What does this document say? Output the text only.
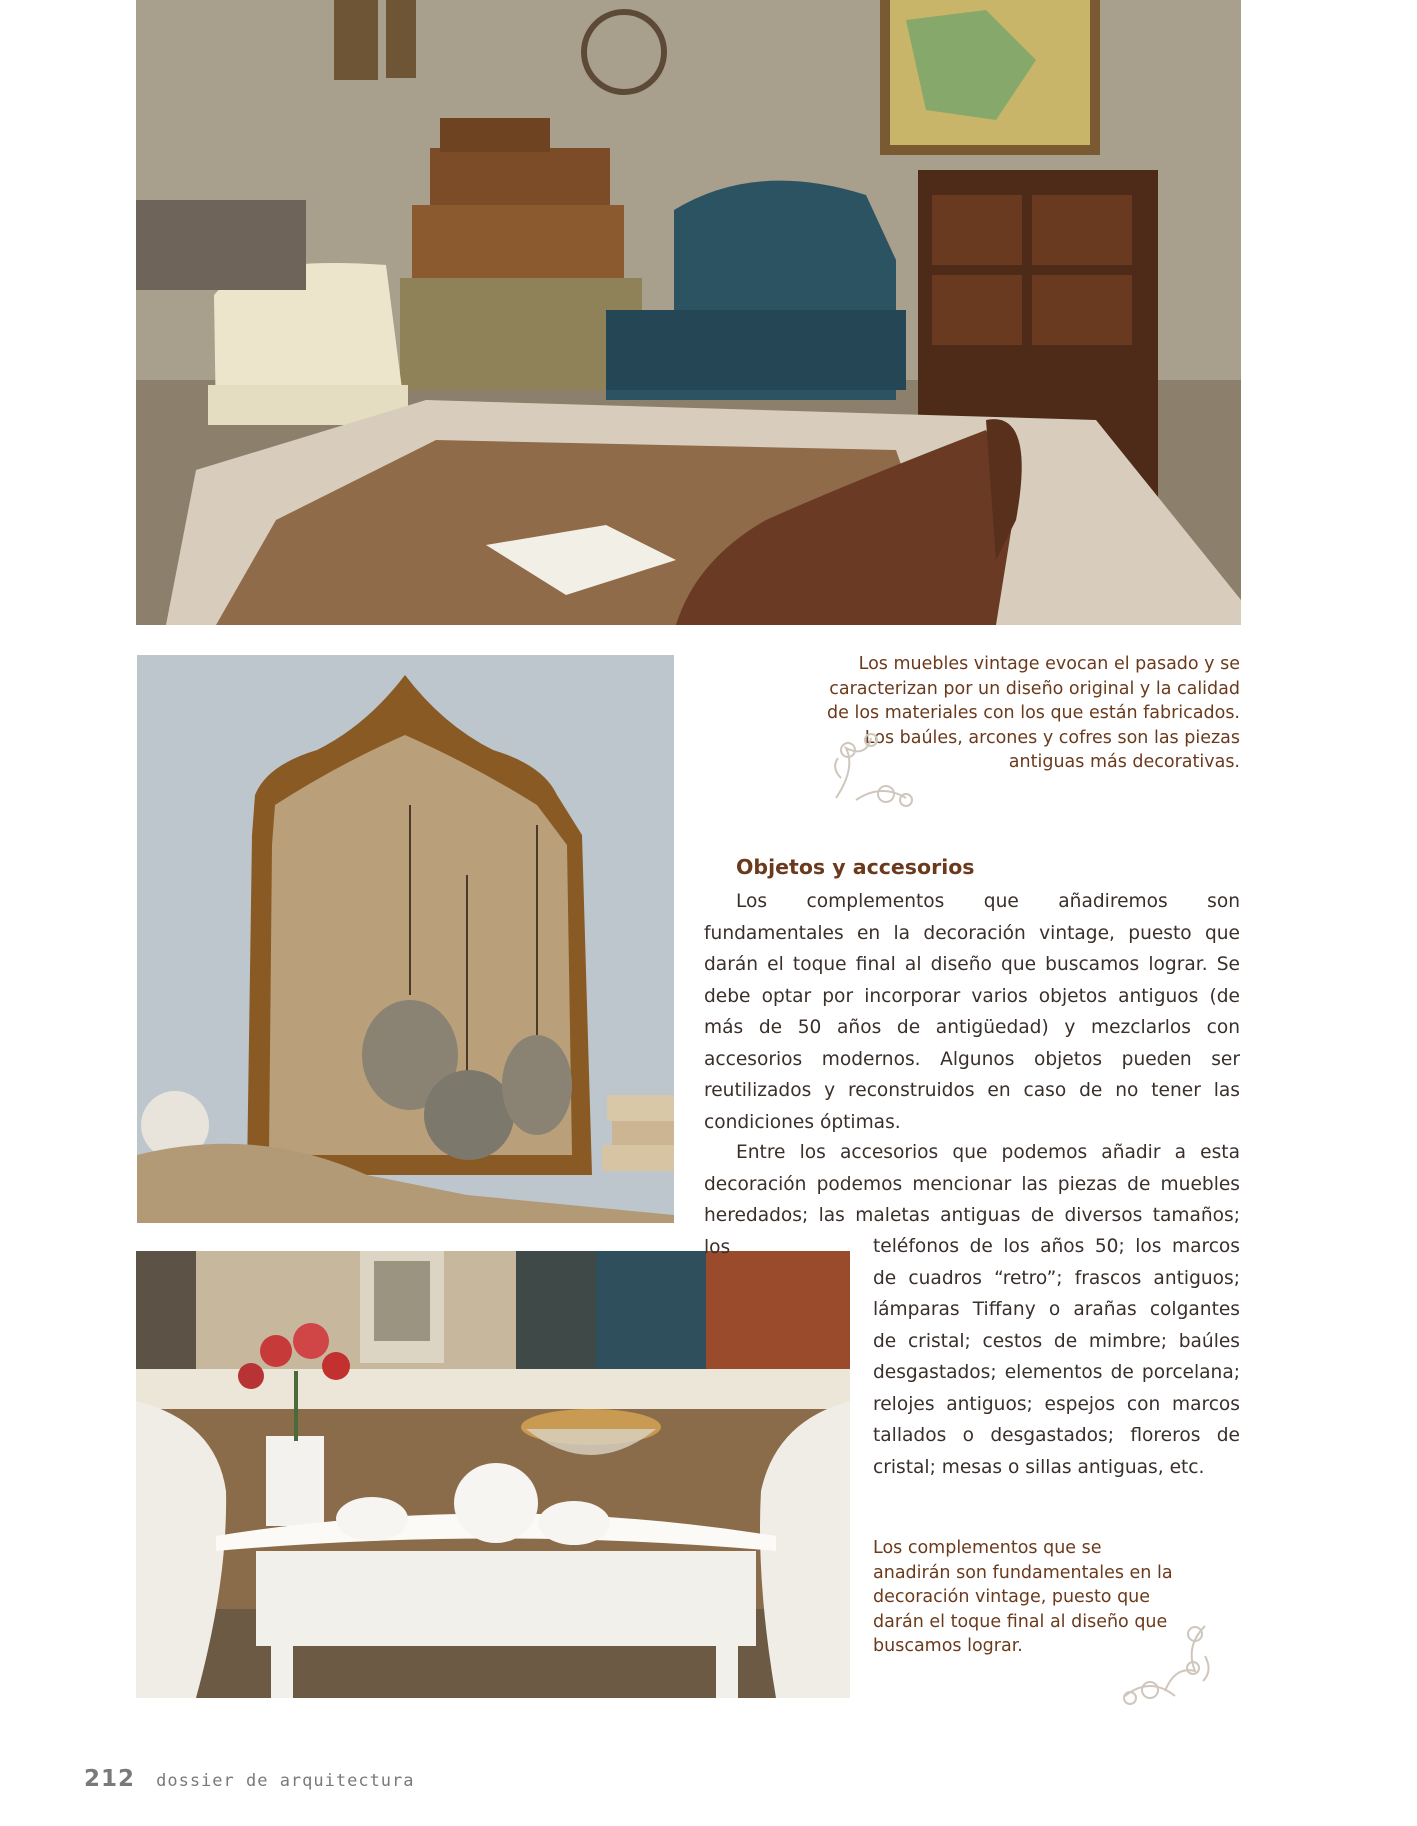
Los muebles vintage evocan el pasado y se caracterizan por un diseño original y la calidad de los materiales con los que están fabricados. Los baúles, arcones y cofres son las piezas antiguas más decorativas.
Objetos y accesorios

Los complementos que añadiremos son fundamentales en la decoración vintage, puesto que darán el toque final al diseño que buscamos lograr. Se debe optar por incorporar varios objetos antiguos (de más de 50 años de antigüedad) y mezclarlos con accesorios modernos. Algunos objetos pueden ser reutilizados y reconstruidos en caso de no tener las condiciones óptimas.

Entre los accesorios que podemos añadir a esta decoración podemos mencionar las piezas de muebles heredados; las maletas antiguas de diversos tamaños; los	teléfonos de los años 50; los marcos de cuadros “retro”; frascos antiguos; lámparas Tiffany o arañas colgantes de cristal; cestos de mimbre; baúles desgastados; elementos de porcelana; relojes antiguos; espejos con marcos tallados o desgastados; floreros de cristal; mesas o sillas antiguas, etc.

Los complementos que se anadirán son fundamentales en la decoración vintage, puesto que darán el toque final al diseño que buscamos lograr.
212 dossier de arquitectura
